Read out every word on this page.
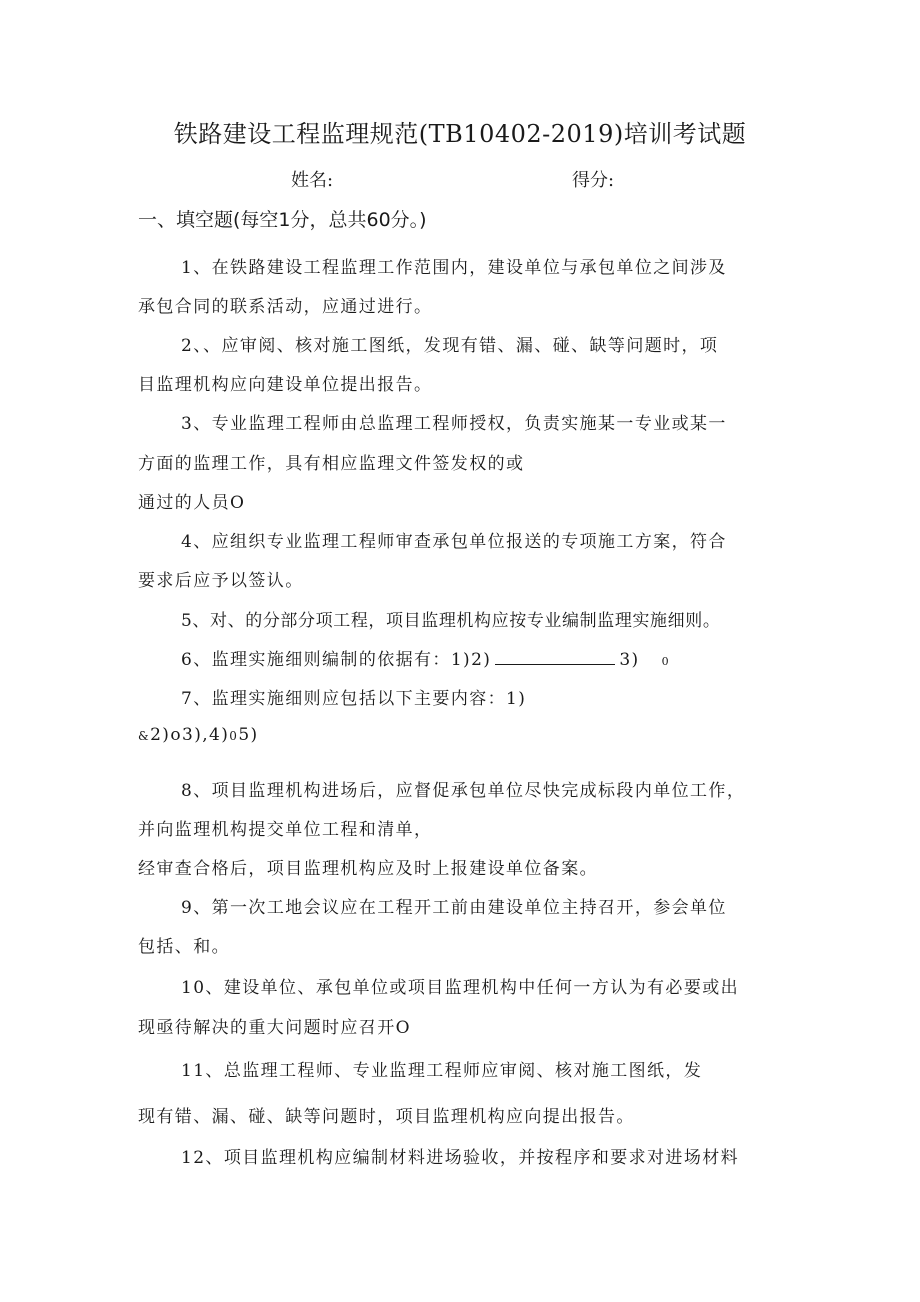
铁路建设工程监理规范(TB10402-2019)培训考试题
姓名:	得分:
一、填空题(每空1分，总共60分。)
1、在铁路建设工程监理工作范围内，建设单位与承包单位之间涉及
承包合同的联系活动，应通过进行。
2、、应审阅、核对施工图纸，发现有错、漏、碰、缺等问题时，项
目监理机构应向建设单位提出报告。
3、专业监理工程师由总监理工程师授权，负责实施某一专业或某一
方面的监理工作，具有相应监理文件签发权的或
通过的人员O
4、应组织专业监理工程师审查承包单位报送的专项施工方案，符合
要求后应予以签认。
5、对、的分部分项工程，项目监理机构应按专业编制监理实施细则。
6、监理实施细则编制的依据有：1)2)	3) 0
7、监理实施细则应包括以下主要内容：1)
&2)o3),4)05)
8、项目监理机构进场后，应督促承包单位尽快完成标段内单位工作，
并向监理机构提交单位工程和清单，
经审查合格后，项目监理机构应及时上报建设单位备案。
9、第一次工地会议应在工程开工前由建设单位主持召开，参会单位
包括、和。
10、建设单位、承包单位或项目监理机构中任何一方认为有必要或出
现亟待解决的重大问题时应召开O
11、总监理工程师、专业监理工程师应审阅、核对施工图纸，发
现有错、漏、碰、缺等问题时，项目监理机构应向提出报告。
12、项目监理机构应编制材料进场验收，并按程序和要求对进场材料
